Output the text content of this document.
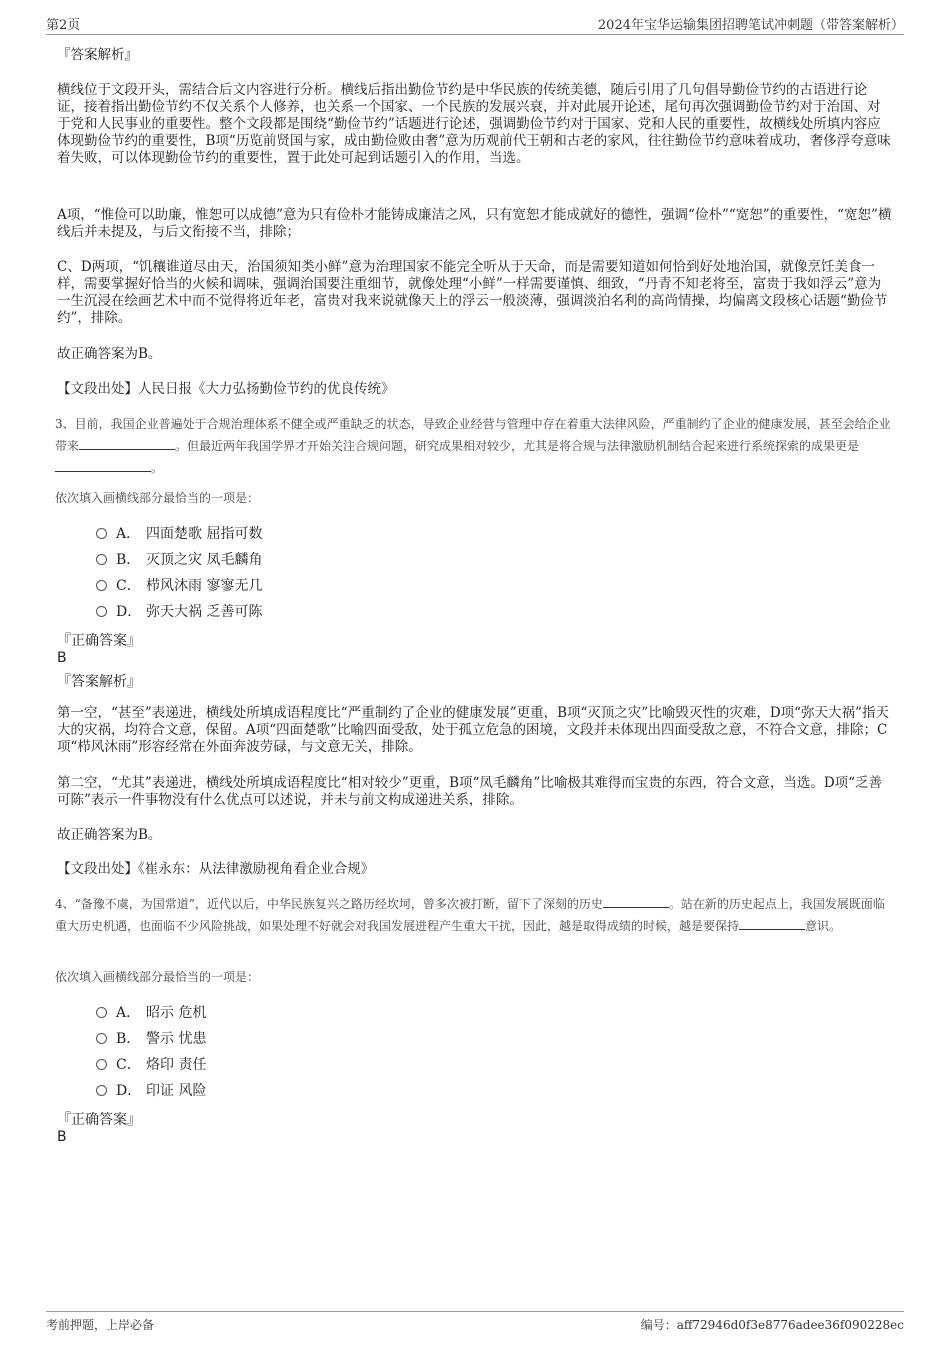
第2页	2024年宝华运输集团招聘笔试冲刺题（带答案解析）
『答案解析』
横线位于文段开头，需结合后文内容进行分析。横线后指出勤俭节约是中华民族的传统美德，随后引用了几句倡导勤俭节约的古语进行论证，接着指出勤俭节约不仅关系个人修养，也关系一个国家、一个民族的发展兴衰，并对此展开论述，尾句再次强调勤俭节约对于治国、对于党和人民事业的重要性。整个文段都是围绕“勤俭节约”话题进行论述，强调勤俭节约对于国家、党和人民的重要性，故横线处所填内容应体现勤俭节约的重要性，B项“历览前贤国与家，成由勤俭败由奢”意为历观前代王朝和古老的家风，往往勤俭节约意味着成功，奢侈浮夸意味着失败，可以体现勤俭节约的重要性，置于此处可起到话题引入的作用，当选。
A项，“惟俭可以助廉，惟恕可以成德”意为只有俭朴才能铸成廉洁之风，只有宽恕才能成就好的德性，强调“俭朴”“宽恕”的重要性，“宽恕”横线后并未提及，与后文衔接不当，排除；
C、D两项，“饥穰谁道尽由天，治国须知类小鲜”意为治理国家不能完全听从于天命，而是需要知道如何恰到好处地治国，就像烹饪美食一样，需要掌握好恰当的火候和调味，强调治国要注重细节，就像处理“小鲜”一样需要谨慎、细致，“丹青不知老将至，富贵于我如浮云”意为一生沉浸在绘画艺术中而不觉得将近年老，富贵对我来说就像天上的浮云一般淡薄，强调淡泊名利的高尚情操，均偏离文段核心话题“勤俭节约”，排除。
故正确答案为B。
【文段出处】人民日报《大力弘扬勤俭节约的优良传统》
3、目前，我国企业普遍处于合规治理体系不健全或严重缺乏的状态，导致企业经营与管理中存在着重大法律风险，严重制约了企业的健康发展，甚至会给企业带来	。但最近两年我国学界才开始关注合规问题，研究成果相对较少，尤其是将合规与法律激励机制结合起来进行系统探索的成果更是。
依次填入画横线部分最恰当的一项是：
A． 四面楚歌 屈指可数
B． 灭顶之灾 凤毛麟角
C． 栉风沐雨 寥寥无几
D． 弥天大祸 乏善可陈
『正确答案』
B
『答案解析』
第一空，“甚至”表递进，横线处所填成语程度比“严重制约了企业的健康发展”更重，B项“灭顶之灾”比喻毁灭性的灾难，D项“弥天大祸”指天大的灾祸，均符合文意，保留。A项“四面楚歌”比喻四面受敌，处于孤立危急的困境，文段并未体现出四面受敌之意，不符合文意，排除；C项“栉风沐雨”形容经常在外面奔波劳碌，与文意无关，排除。
第二空，“尤其”表递进，横线处所填成语程度比“相对较少”更重，B项“凤毛麟角”比喻极其难得而宝贵的东西，符合文意，当选。D项“乏善可陈”表示一件事物没有什么优点可以述说，并未与前文构成递进关系，排除。
故正确答案为B。
【文段出处】《崔永东：从法律激励视角看企业合规》
4、“备豫不虞，为国常道”，近代以后，中华民族复兴之路历经坎坷，曾多次被打断，留下了深刻的历史	。站在新的历史起点上，我国发展既面临重大历史机遇，也面临不少风险挑战，如果处理不好就会对我国发展进程产生重大干扰，因此，越是取得成绩的时候，越是要保持	意识。
依次填入画横线部分最恰当的一项是：
A． 昭示 危机
B． 警示 忧患
C． 烙印 责任
D． 印证 风险
『正确答案』
B
考前押题，上岸必备	编号：aff72946d0f3e8776adee36f090228ec
